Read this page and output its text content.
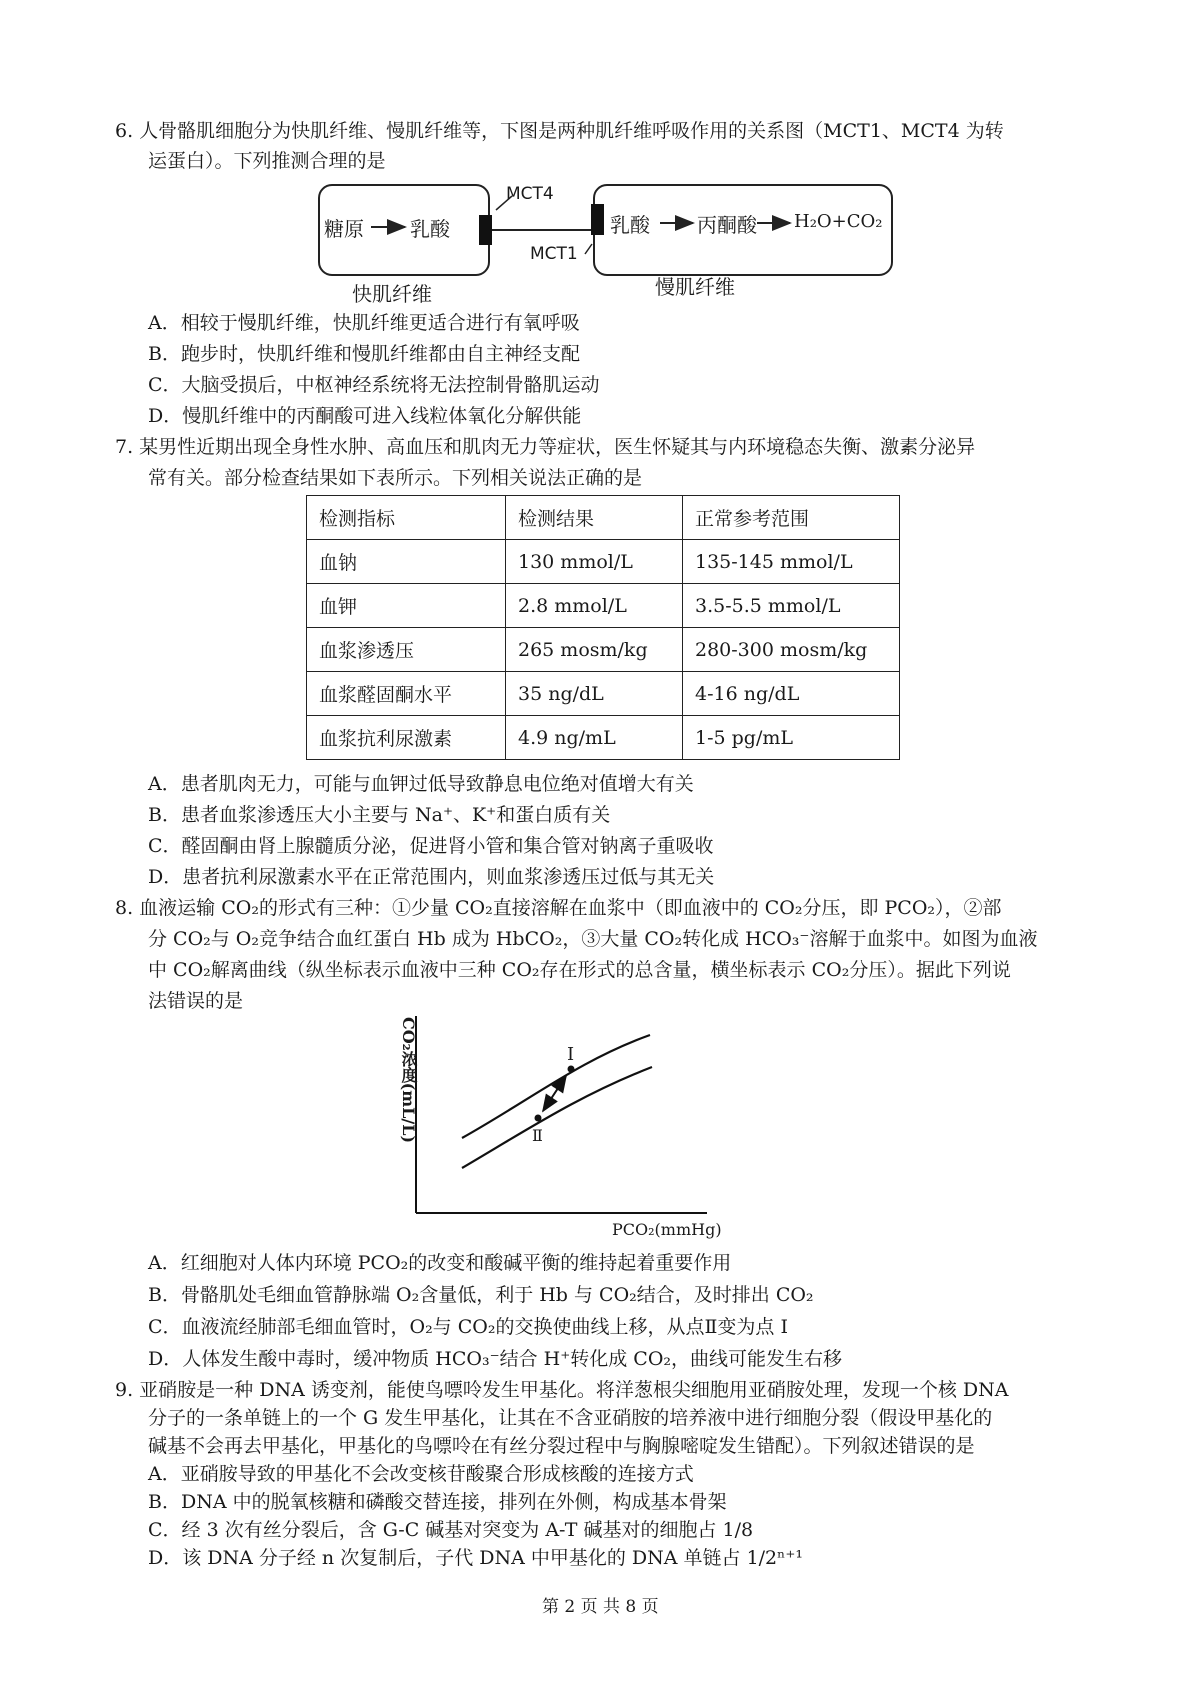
6. 人骨骼肌细胞分为快肌纤维、慢肌纤维等，下图是两种肌纤维呼吸作用的关系图（MCT1、MCT4 为转
运蛋白）。下列推测合理的是
糖原 乳酸
MCT4
MCT1
乳酸 丙酮酸 H₂O+CO₂
快肌纤维	慢肌纤维
A．相较于慢肌纤维，快肌纤维更适合进行有氧呼吸
B．跑步时，快肌纤维和慢肌纤维都由自主神经支配
C．大脑受损后，中枢神经系统将无法控制骨骼肌运动
D．慢肌纤维中的丙酮酸可进入线粒体氧化分解供能
7. 某男性近期出现全身性水肿、高血压和肌肉无力等症状，医生怀疑其与内环境稳态失衡、激素分泌异
常有关。部分检查结果如下表所示。下列相关说法正确的是
检测指标	检测结果	正常参考范围
血钠	130 mmol/L	135-145 mmol/L
血钾	2.8 mmol/L	3.5-5.5 mmol/L
血浆渗透压	265 mosm/kg	280-300 mosm/kg
血浆醛固酮水平	35 ng/dL	4-16 ng/dL
血浆抗利尿激素	4.9 ng/mL	1-5 pg/mL
A．患者肌肉无力，可能与血钾过低导致静息电位绝对值增大有关
B．患者血浆渗透压大小主要与 Na⁺、K⁺和蛋白质有关
C．醛固酮由肾上腺髓质分泌，促进肾小管和集合管对钠离子重吸收
D．患者抗利尿激素水平在正常范围内，则血浆渗透压过低与其无关
8. 血液运输 CO₂的形式有三种：①少量 CO₂直接溶解在血浆中（即血液中的 CO₂分压，即 PCO₂），②部
分 CO₂与 O₂竞争结合血红蛋白 Hb 成为 HbCO₂，③大量 CO₂转化成 HCO₃⁻溶解于血浆中。如图为血液
中 CO₂解离曲线（纵坐标表示血液中三种 CO₂存在形式的总含量，横坐标表示 CO₂分压）。据此下列说
法错误的是
CO₂浓度(mL/L)
PCO₂(mmHg)
Ⅰ
Ⅱ
A．红细胞对人体内环境 PCO₂的改变和酸碱平衡的维持起着重要作用
B．骨骼肌处毛细血管静脉端 O₂含量低，利于 Hb 与 CO₂结合，及时排出 CO₂
C．血液流经肺部毛细血管时，O₂与 CO₂的交换使曲线上移，从点Ⅱ变为点 I
D．人体发生酸中毒时，缓冲物质 HCO₃⁻结合 H⁺转化成 CO₂，曲线可能发生右移
9. 亚硝胺是一种 DNA 诱变剂，能使鸟嘌呤发生甲基化。将洋葱根尖细胞用亚硝胺处理，发现一个核 DNA
分子的一条单链上的一个 G 发生甲基化，让其在不含亚硝胺的培养液中进行细胞分裂（假设甲基化的
碱基不会再去甲基化，甲基化的鸟嘌呤在有丝分裂过程中与胸腺嘧啶发生错配）。下列叙述错误的是
A．亚硝胺导致的甲基化不会改变核苷酸聚合形成核酸的连接方式
B．DNA 中的脱氧核糖和磷酸交替连接，排列在外侧，构成基本骨架
C．经 3 次有丝分裂后，含 G-C 碱基对突变为 A-T 碱基对的细胞占 1/8
D．该 DNA 分子经 n 次复制后，子代 DNA 中甲基化的 DNA 单链占 1/2ⁿ⁺¹
第 2 页 共 8 页
